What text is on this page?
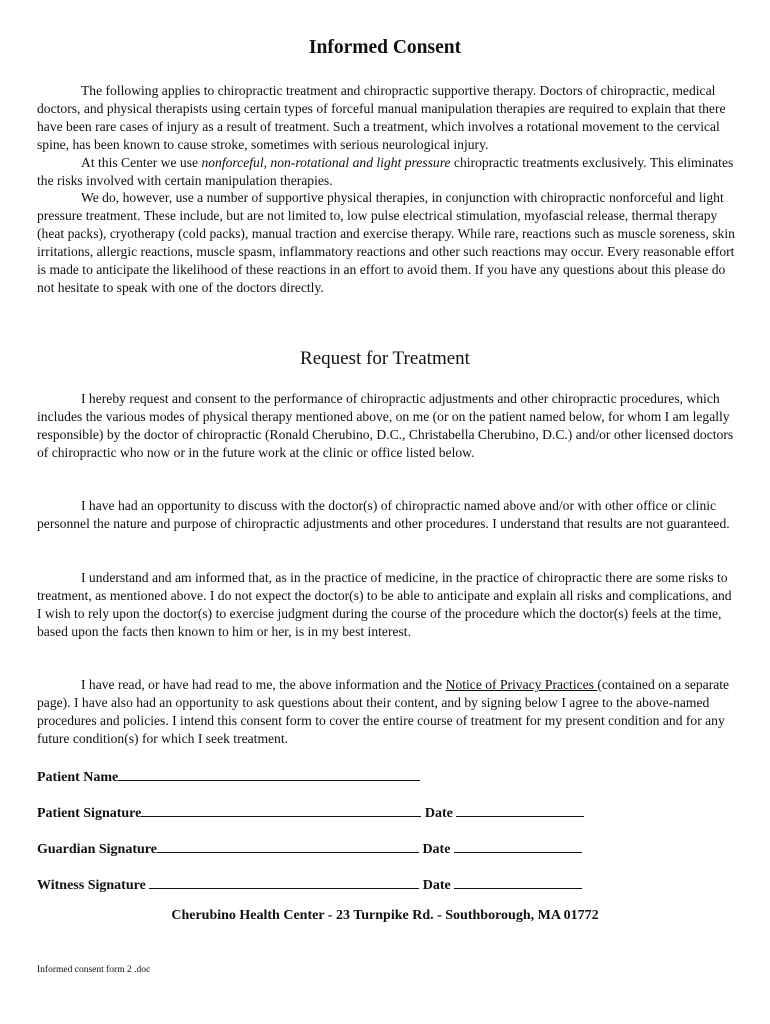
Informed Consent

The following applies to chiropractic treatment and chiropractic supportive therapy. Doctors of chiropractic, medical doctors, and physical therapists using certain types of forceful manual manipulation therapies are required to explain that there have been rare cases of injury as a result of treatment. Such a treatment, which involves a rotational movement to the cervical spine, has been known to cause stroke, sometimes with serious neurological injury.

At this Center we use nonforceful, non-rotational and light pressure chiropractic treatments exclusively. This eliminates the risks involved with certain manipulation therapies.

We do, however, use a number of supportive physical therapies, in conjunction with chiropractic nonforceful and light pressure treatment. These include, but are not limited to, low pulse electrical stimulation, myofascial release, thermal therapy (heat packs), cryotherapy (cold packs), manual traction and exercise therapy. While rare, reactions such as muscle soreness, skin irritations, allergic reactions, muscle spasm, inflammatory reactions and other such reactions may occur. Every reasonable effort is made to anticipate the likelihood of these reactions in an effort to avoid them. If you have any questions about this please do not hesitate to speak with one of the doctors directly.

Request for Treatment

I hereby request and consent to the performance of chiropractic adjustments and other chiropractic procedures, which includes the various modes of physical therapy mentioned above, on me (or on the patient named below, for whom I am legally responsible) by the doctor of chiropractic (Ronald Cherubino, D.C., Christabella Cherubino, D.C.) and/or other licensed doctors of chiropractic who now or in the future work at the clinic or office listed below.

I have had an opportunity to discuss with the doctor(s) of chiropractic named above and/or with other office or clinic personnel the nature and purpose of chiropractic adjustments and other procedures. I understand that results are not guaranteed.

I understand and am informed that, as in the practice of medicine, in the practice of chiropractic there are some risks to treatment, as mentioned above. I do not expect the doctor(s) to be able to anticipate and explain all risks and complications, and I wish to rely upon the doctor(s) to exercise judgment during the course of the procedure which the doctor(s) feels at the time, based upon the facts then known to him or her, is in my best interest.

I have read, or have had read to me, the above information and the Notice of Privacy Practices (contained on a separate page). I have also had an opportunity to ask questions about their content, and by signing below I agree to the above-named procedures and policies. I intend this consent form to cover the entire course of treatment for my present condition and for any future condition(s) for which I seek treatment.

Patient Name
Patient Signature	Date
Guardian Signature	Date
Witness Signature	Date

Cherubino Health Center - 23 Turnpike Rd. - Southborough, MA 01772

Informed consent form 2 .doc
